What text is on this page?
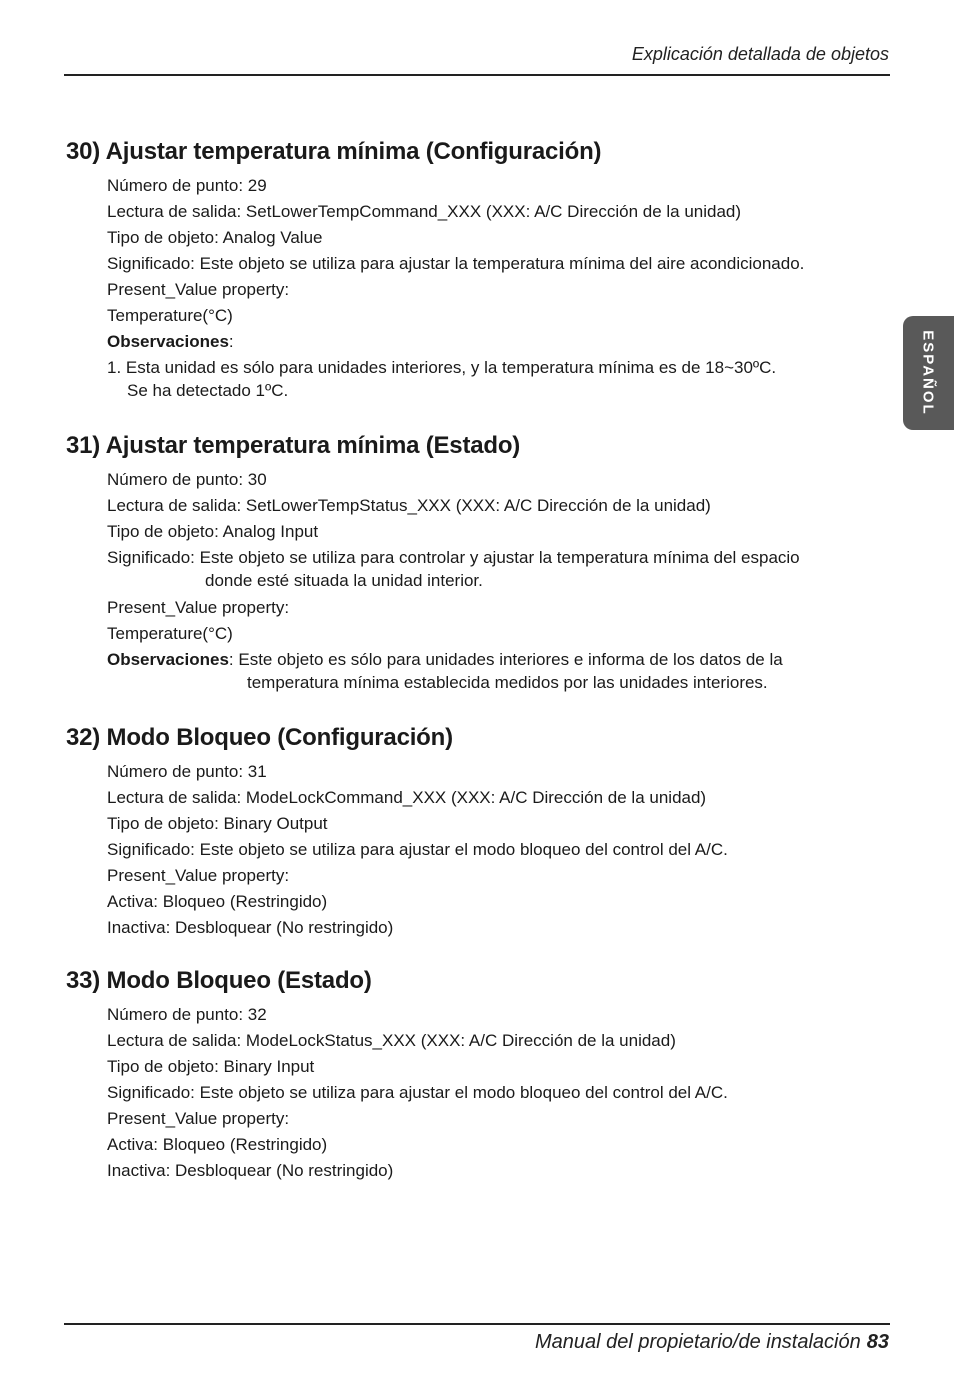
Explicación detallada de objetos
ESPAÑOL
30) Ajustar temperatura mínima (Configuración)
Número de punto: 29
Lectura de salida: SetLowerTempCommand_XXX (XXX: A/C Dirección de la unidad)
Tipo de objeto: Analog Value
Significado: Este objeto se utiliza para ajustar la temperatura mínima del aire acondicionado.
Present_Value property:
Temperature(°C)
Observaciones:
1. Esta unidad es sólo para unidades interiores, y la temperatura mínima es de 18~30ºC.
Se ha detectado 1ºC.
31) Ajustar temperatura mínima (Estado)
Número de punto: 30
Lectura de salida: SetLowerTempStatus_XXX (XXX: A/C Dirección de la unidad)
Tipo de objeto: Analog Input
Significado: Este objeto se utiliza para controlar y ajustar la temperatura mínima del espacio
donde esté situada la unidad interior.
Present_Value property:
Temperature(°C)
Observaciones: Este objeto es sólo para unidades interiores e informa de los datos de la
temperatura mínima establecida medidos por las unidades interiores.
32) Modo Bloqueo (Configuración)
Número de punto: 31
Lectura de salida: ModeLockCommand_XXX (XXX: A/C Dirección de la unidad)
Tipo de objeto: Binary Output
Significado: Este objeto se utiliza para ajustar el modo bloqueo del control del A/C.
Present_Value property:
Activa: Bloqueo (Restringido)
Inactiva: Desbloquear (No restringido)
33) Modo Bloqueo (Estado)
Número de punto: 32
Lectura de salida: ModeLockStatus_XXX (XXX: A/C Dirección de la unidad)
Tipo de objeto: Binary Input
Significado: Este objeto se utiliza para ajustar el modo bloqueo del control del A/C.
Present_Value property:
Activa: Bloqueo (Restringido)
Inactiva: Desbloquear (No restringido)
Manual del propietario/de instalación 83
